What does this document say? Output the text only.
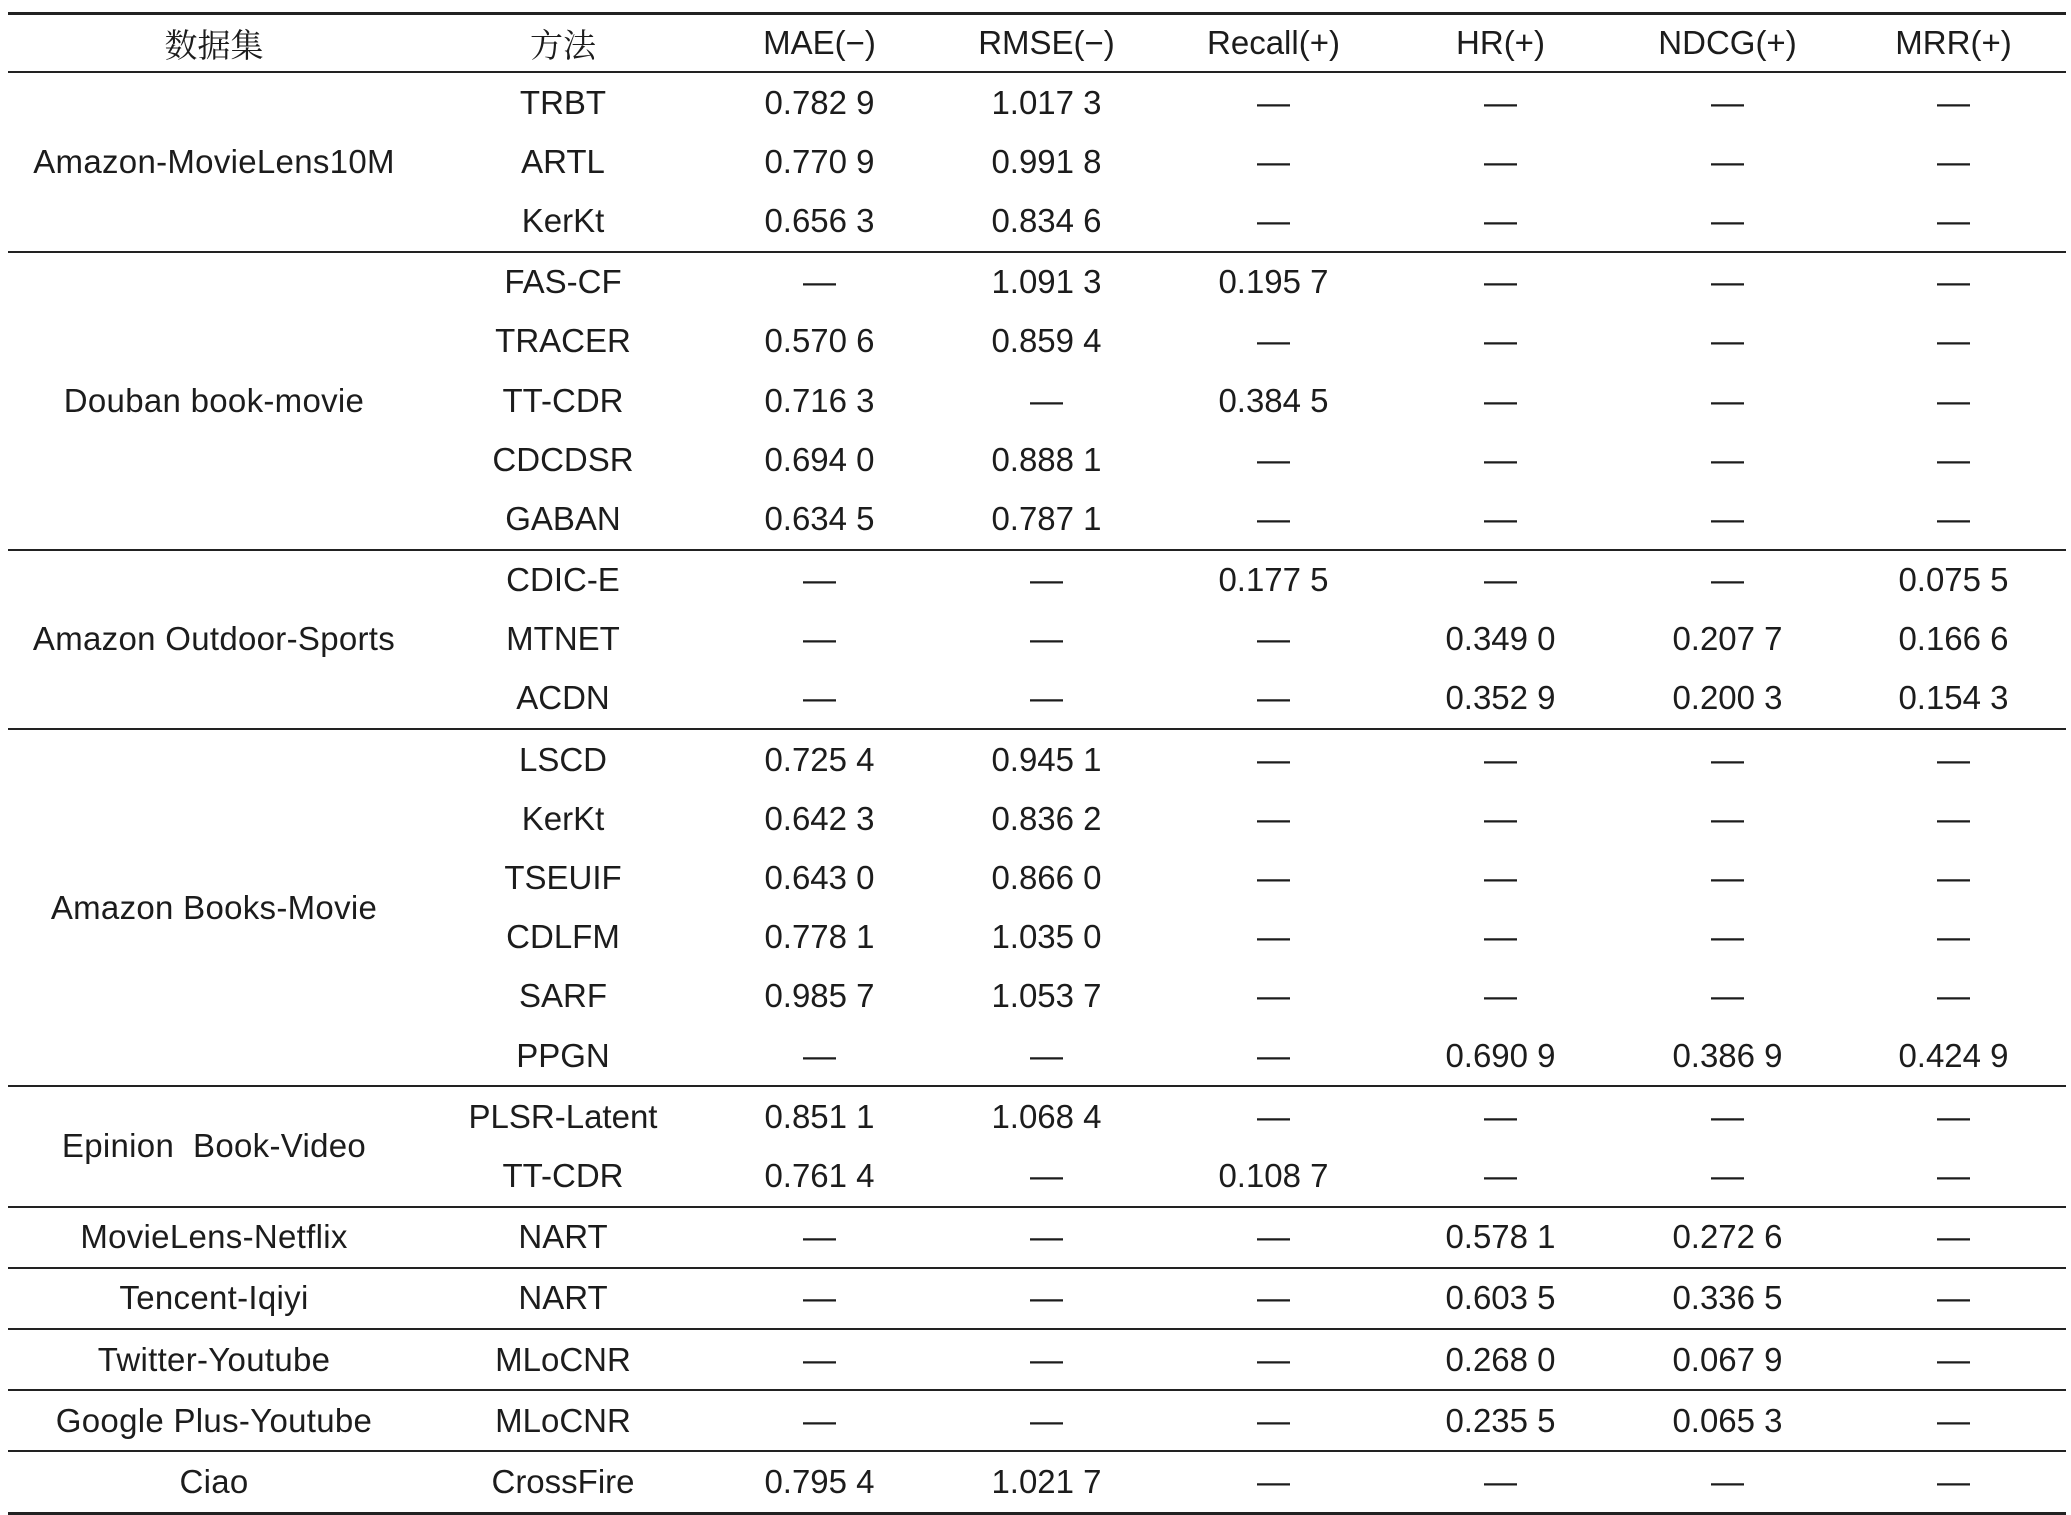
数据集	方法	MAE(−)	RMSE(−)	Recall(+)	HR(+)	NDCG(+)	MRR(+)
Amazon-MovieLens10M	TRBT	0.782 9	1.017 3	—	—	—	—
	ARTL	0.770 9	0.991 8	—	—	—	—
	KerKt	0.656 3	0.834 6	—	—	—	—
Douban book-movie	FAS-CF	—	1.091 3	0.195 7	—	—	—
	TRACER	0.570 6	0.859 4	—	—	—	—
	TT-CDR	0.716 3	—	0.384 5	—	—	—
	CDCDSR	0.694 0	0.888 1	—	—	—	—
	GABAN	0.634 5	0.787 1	—	—	—	—
Amazon Outdoor-Sports	CDIC-E	—	—	0.177 5	—	—	0.075 5
	MTNET	—	—	—	0.349 0	0.207 7	0.166 6
	ACDN	—	—	—	0.352 9	0.200 3	0.154 3
Amazon Books-Movie	LSCD	0.725 4	0.945 1	—	—	—	—
	KerKt	0.642 3	0.836 2	—	—	—	—
	TSEUIF	0.643 0	0.866 0	—	—	—	—
	CDLFM	0.778 1	1.035 0	—	—	—	—
	SARF	0.985 7	1.053 7	—	—	—	—
	PPGN	—	—	—	0.690 9	0.386 9	0.424 9
Epinion  Book-Video	PLSR-Latent	0.851 1	1.068 4	—	—	—	—
	TT-CDR	0.761 4	—	0.108 7	—	—	—
MovieLens-Netflix	NART	—	—	—	0.578 1	0.272 6	—
Tencent-Iqiyi	NART	—	—	—	0.603 5	0.336 5	—
Twitter-Youtube	MLoCNR	—	—	—	0.268 0	0.067 9	—
Google Plus-Youtube	MLoCNR	—	—	—	0.235 5	0.065 3	—
Ciao	CrossFire	0.795 4	1.021 7	—	—	—	—
